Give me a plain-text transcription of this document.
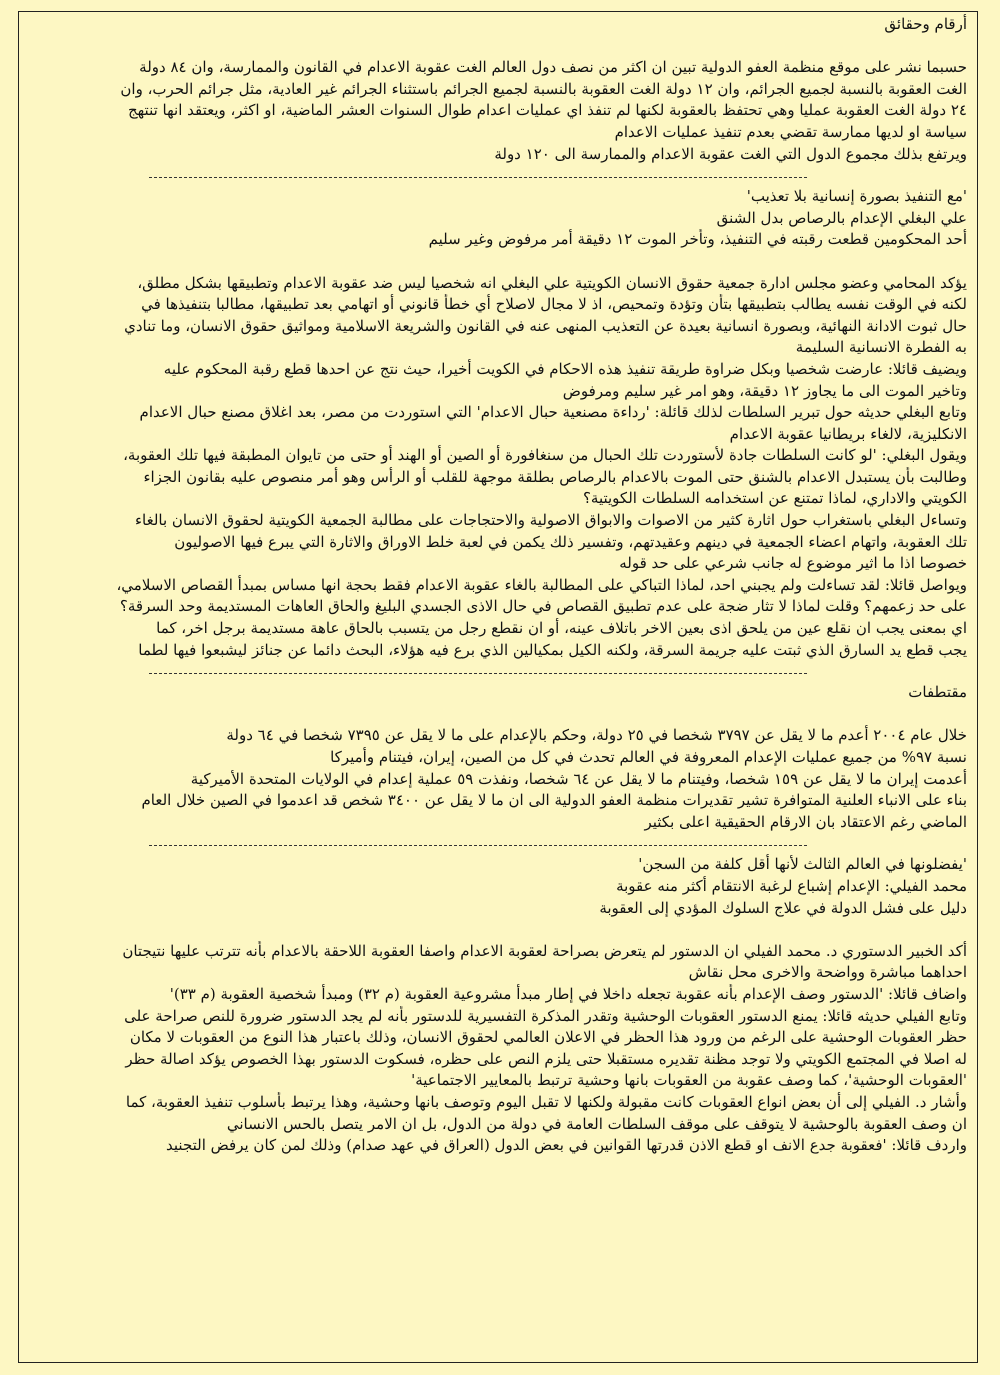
أرقام وحقائق
حسبما نشر على موقع منظمة العفو الدولية تبين ان اكثر من نصف دول العالم الغت عقوبة الاعدام في القانون والممارسة، وان ٨٤ دولة
الغت العقوبة بالنسبة لجميع الجرائم، وان ١٢ دولة الغت العقوبة بالنسبة لجميع الجرائم باستثناء الجرائم غير العادية، مثل جرائم الحرب، وان
٢٤ دولة الغت العقوبة عمليا وهي تحتفظ بالعقوبة لكنها لم تنفذ اي عمليات اعدام طوال السنوات العشر الماضية، او اكثر، ويعتقد انها تنتهج
سياسة او لديها ممارسة تقضي بعدم تنفيذ عمليات الاعدام
ويرتفع بذلك مجموع الدول التي الغت عقوبة الاعدام والممارسة الى ١٢٠ دولة
'مع التنفيذ بصورة إنسانية بلا تعذيب'
علي البغلي الإعدام بالرصاص بدل الشنق
أحد المحكومين قطعت رقبته في التنفيذ، وتأخر الموت ١٢ دقيقة أمر مرفوض وغير سليم
يؤكد المحامي وعضو مجلس ادارة جمعية حقوق الانسان الكويتية علي البغلي انه شخصيا ليس ضد عقوبة الاعدام وتطبيقها بشكل مطلق،
لكنه في الوقت نفسه يطالب بتطبيقها بتأن وتؤدة وتمحيص، اذ لا مجال لاصلاح أي خطأ قانوني أو اتهامي بعد تطبيقها، مطالبا بتنفيذها في
حال ثبوت الادانة النهائية، وبصورة انسانية بعيدة عن التعذيب المنهى عنه في القانون والشريعة الاسلامية ومواثيق حقوق الانسان، وما تنادي
به الفطرة الانسانية السليمة
ويضيف قائلا: عارضت شخصيا وبكل ضراوة طريقة تنفيذ هذه الاحكام في الكويت أخيرا، حيث نتج عن احدها قطع رقبة المحكوم عليه
وتاخير الموت الى ما يجاوز ١٢ دقيقة، وهو امر غير سليم ومرفوض
وتابع البغلي حديثه حول تبرير السلطات لذلك قائلة: 'رداءة مصنعية حبال الاعدام' التي استوردت من مصر، بعد اغلاق مصنع حبال الاعدام
الانكليزية، لالغاء بريطانيا عقوبة الاعدام
ويقول البغلي: 'لو كانت السلطات جادة لأستوردت تلك الحبال من سنغافورة أو الصين أو الهند أو حتى من تايوان المطبقة فيها تلك العقوبة،
وطالبت بأن يستبدل الاعدام بالشنق حتى الموت بالاعدام بالرصاص بطلقة موجهة للقلب أو الرأس وهو أمر منصوص عليه بقانون الجزاء
الكويتي والاداري، لماذا تمتنع عن استخدامه السلطات الكويتية؟
وتساءل البغلي باستغراب حول اثارة كثير من الاصوات والابواق الاصولية والاحتجاجات على مطالبة الجمعية الكويتية لحقوق الانسان بالغاء
تلك العقوبة، واتهام اعضاء الجمعية في دينهم وعقيدتهم، وتفسير ذلك يكمن في لعبة خلط الاوراق والاثارة التي يبرع فيها الاصوليون
خصوصا اذا ما اثير موضوع له جانب شرعي على حد قوله
ويواصل قائلا: لقد تساءلت ولم يجبني احد، لماذا التباكي على المطالبة بالغاء عقوبة الاعدام فقط بحجة انها مساس بمبدأ القصاص الاسلامي،
على حد زعمهم؟ وقلت لماذا لا تثار ضجة على عدم تطبيق القصاص في حال الاذى الجسدي البليغ والحاق العاهات المستديمة وحد السرقة؟
اي بمعنى يجب ان نقلع عين من يلحق اذى بعين الاخر باتلاف عينه، أو ان نقطع رجل من يتسبب بالحاق عاهة مستديمة برجل اخر، كما
يجب قطع يد السارق الذي ثبتت عليه جريمة السرقة، ولكنه الكيل بمكيالين الذي برع فيه هؤلاء، البحث دائما عن جنائز ليشبعوا فيها لطما
مقتطفات
خلال عام ٢٠٠٤ أعدم ما لا يقل عن ٣٧٩٧ شخصا في ٢٥ دولة، وحكم بالإعدام على ما لا يقل عن ٧٣٩٥ شخصا في ٦٤ دولة
نسبة ٩٧% من جميع عمليات الإعدام المعروفة في العالم تحدث في كل من الصين، إيران، فيتنام وأميركا
أعدمت إيران ما لا يقل عن ١٥٩ شخصا، وفيتنام ما لا يقل عن ٦٤ شخصا، ونفذت ٥٩ عملية إعدام في الولايات المتحدة الأميركية
بناء على الانباء العلنية المتوافرة تشير تقديرات منظمة العفو الدولية الى ان ما لا يقل عن ٣٤٠٠ شخص قد اعدموا في الصين خلال العام
الماضي رغم الاعتقاد بان الارقام الحقيقية اعلى بكثير
'يفضلونها في العالم الثالث لأنها أقل كلفة من السجن'
محمد الفيلي: الإعدام إشباع لرغبة الانتقام أكثر منه عقوبة
دليل على فشل الدولة في علاج السلوك المؤدي إلى العقوبة
أكد الخبير الدستوري د. محمد الفيلي ان الدستور لم يتعرض بصراحة لعقوبة الاعدام واصفا العقوبة اللاحقة بالاعدام بأنه تترتب عليها نتيجتان
احداهما مباشرة وواضحة والاخرى محل نقاش
واضاف قائلا: 'الدستور وصف الإعدام بأنه عقوبة تجعله داخلا في إطار مبدأ مشروعية العقوبة (م ٣٢) ومبدأ شخصية العقوبة (م ٣٣)'
وتابع الفيلي حديثه قائلا: يمنع الدستور العقوبات الوحشية وتقدر المذكرة التفسيرية للدستور بأنه لم يجد الدستور ضرورة للنص صراحة على
حظر العقوبات الوحشية على الرغم من ورود هذا الحظر في الاعلان العالمي لحقوق الانسان، وذلك باعتبار هذا النوع من العقوبات لا مكان
له اصلا في المجتمع الكويتي ولا توجد مظنة تقديره مستقبلا حتى يلزم النص على حظره، فسكوت الدستور بهذا الخصوص يؤكد اصالة حظر
'العقوبات الوحشية'، كما وصف عقوبة من العقوبات بانها وحشية ترتبط بالمعايير الاجتماعية'
وأشار د. الفيلي إلى أن بعض انواع العقوبات كانت مقبولة ولكنها لا تقبل اليوم وتوصف بانها وحشية، وهذا يرتبط بأسلوب تنفيذ العقوبة، كما
ان وصف العقوبة بالوحشية لا يتوقف على موقف السلطات العامة في دولة من الدول، بل ان الامر يتصل بالحس الانساني
واردف قائلا: 'فعقوبة جدع الانف او قطع الاذن قدرتها القوانين في بعض الدول (العراق في عهد صدام) وذلك لمن كان يرفض التجنيد
